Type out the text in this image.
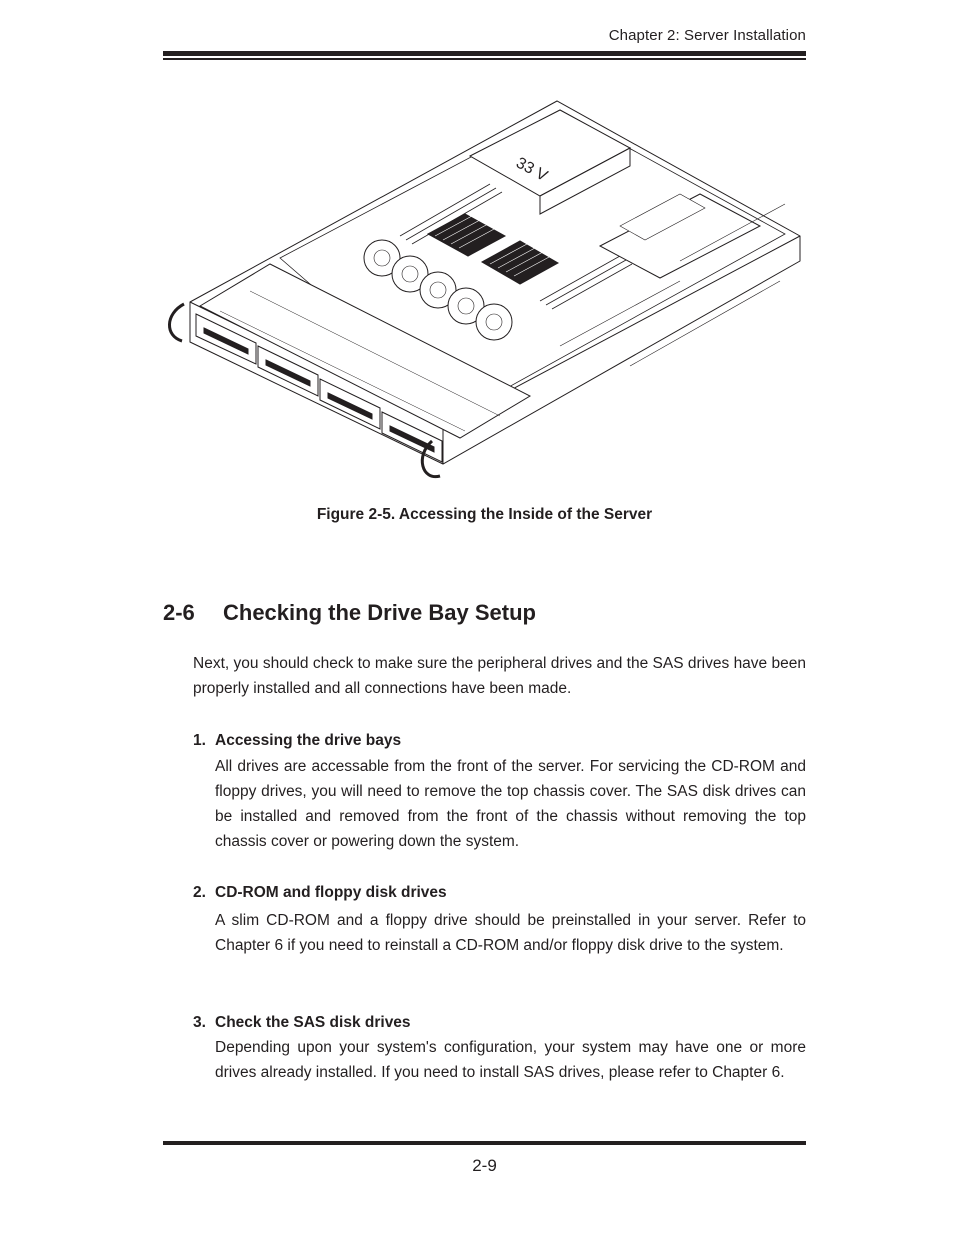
Chapter 2: Server Installation
33 V
Figure 2-5. Accessing the Inside of the Server
2-6 Checking the Drive Bay Setup
Next, you should check to make sure the peripheral drives and the SAS drives have been properly installed and all connections have been made.
1. Accessing the drive bays
All drives are accessable from the front of the server. For servicing the CD-ROM and floppy drives, you will need to remove the top chassis cover. The SAS disk drives can be installed and removed from the front of the chassis without removing the top chassis cover or powering down the system.
2. CD-ROM and floppy disk drives
A slim CD-ROM and a floppy drive should be preinstalled in your server. Refer to Chapter 6 if you need to reinstall a CD-ROM and/or floppy disk drive to the system.
3. Check the SAS disk drives
Depending upon your system's configuration, your system may have one or more drives already installed. If you need to install SAS drives, please refer to Chapter 6.
2-9
